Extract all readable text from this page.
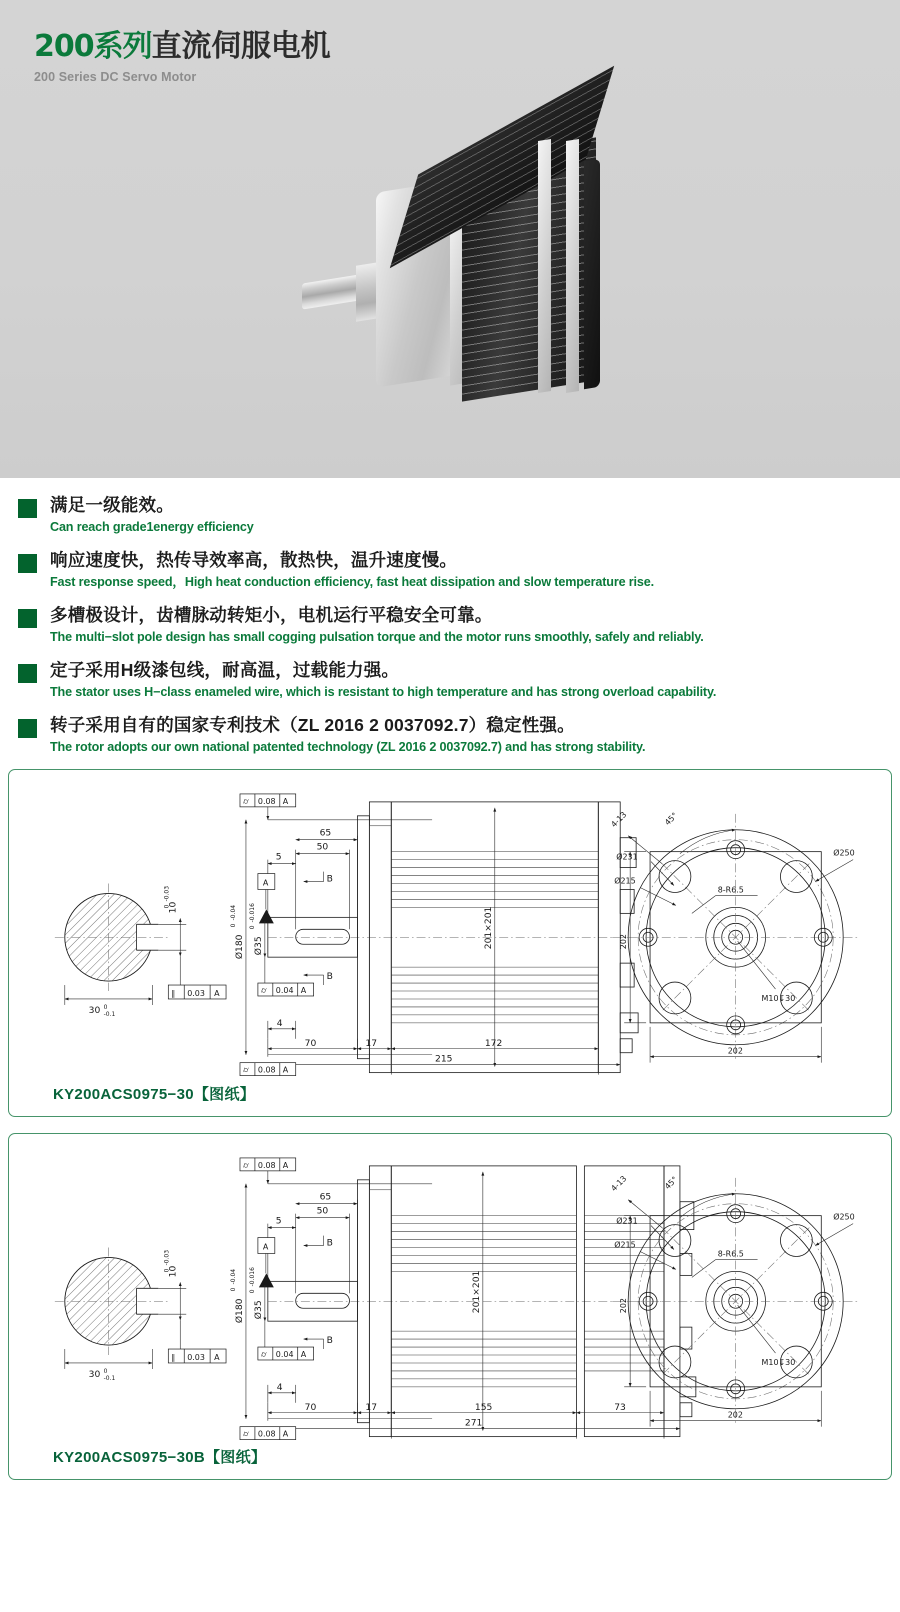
200系列直流伺服电机
200 Series DC Servo Motor
满足一级能效。
Can reach grade1energy efficiency
响应速度快，热传导效率高，散热快，温升速度慢。
Fast response speed，High heat conduction efficiency, fast heat dissipation and slow temperature rise.
多槽极设计，齿槽脉动转矩小，电机运行平稳安全可靠。
The multi−slot pole design has small cogging pulsation torque and the motor runs smoothly, safely and reliably.
定子采用H级漆包线，耐高温，过载能力强。
The stator uses H−class enameled wire, which is resistant to high temperature and has strong overload capability.
转子采用自有的国家专利技术（ZL 2016 2 0037092.7）稳定性强。
The rotor adopts our own national patented technology (ZL 2016 2 0037092.7) and has strong stability.
30 0
-0.1
10
0
-0.03
∥ 0.03 A
⌭ 0.08 A
5
50
65
A	B
B
Ø180
0
-0.04
Ø35
0
-0.016
⌭ 0.04 A
201×201
4
70	17	172
215
⌭ 0.08 A
4-13	45°
Ø231
Ø215
Ø250
8-R6.5
M10↧30
202
202
KY200ACS0975−30【图纸】
30 0
-0.1
10
0
-0.03
∥ 0.03 A
⌭ 0.08 A
5
50
65
A	B
B
Ø180
0
-0.04
Ø35
0
-0.016
⌭ 0.04 A
201×201
4
70	17	155	73
271
⌭ 0.08 A
4-13	45°
Ø231
Ø215
Ø250
8-R6.5
M10↧30
202
202
KY200ACS0975−30B【图纸】
